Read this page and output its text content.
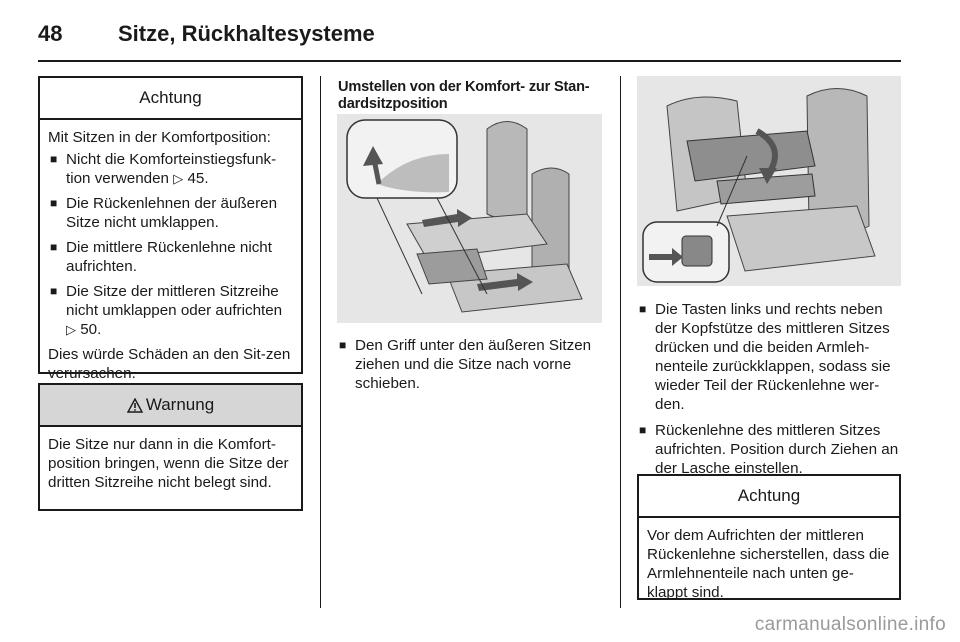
48	Sitze, Rückhaltesysteme
Achtung

Mit Sitzen in der Komfortposition:

■ Nicht die Komforteinstiegsfunk-tion verwenden ▷ 45.
■ Die Rückenlehnen der äußeren Sitze nicht umklappen.
■ Die mittlere Rückenlehne nicht aufrichten.
■ Die Sitze der mittleren Sitzreihe nicht umklappen oder aufrichten ▷ 50.

Dies würde Schäden an den Sit-zen verursachen.

Warnung
Die Sitze nur dann in die Komfort-position bringen, wenn die Sitze der dritten Sitzreihe nicht belegt sind.
Umstellen von der Komfort- zur Stan-dardsitzposition
■ Den Griff unter den äußeren Sitzen ziehen und die Sitze nach vorne schieben.
■ Die Tasten links und rechts neben der Kopfstütze des mittleren Sitzes drücken und die beiden Armleh-nenteile zurückklappen, sodass sie wieder Teil der Rückenlehne wer-den.
■ Rückenlehne des mittleren Sitzes aufrichten. Position durch Ziehen an der Lasche einstellen.
Achtung
Vor dem Aufrichten der mittleren Rückenlehne sicherstellen, dass die Armlehnenteile nach unten ge-klappt sind.
carmanualsonline.info
